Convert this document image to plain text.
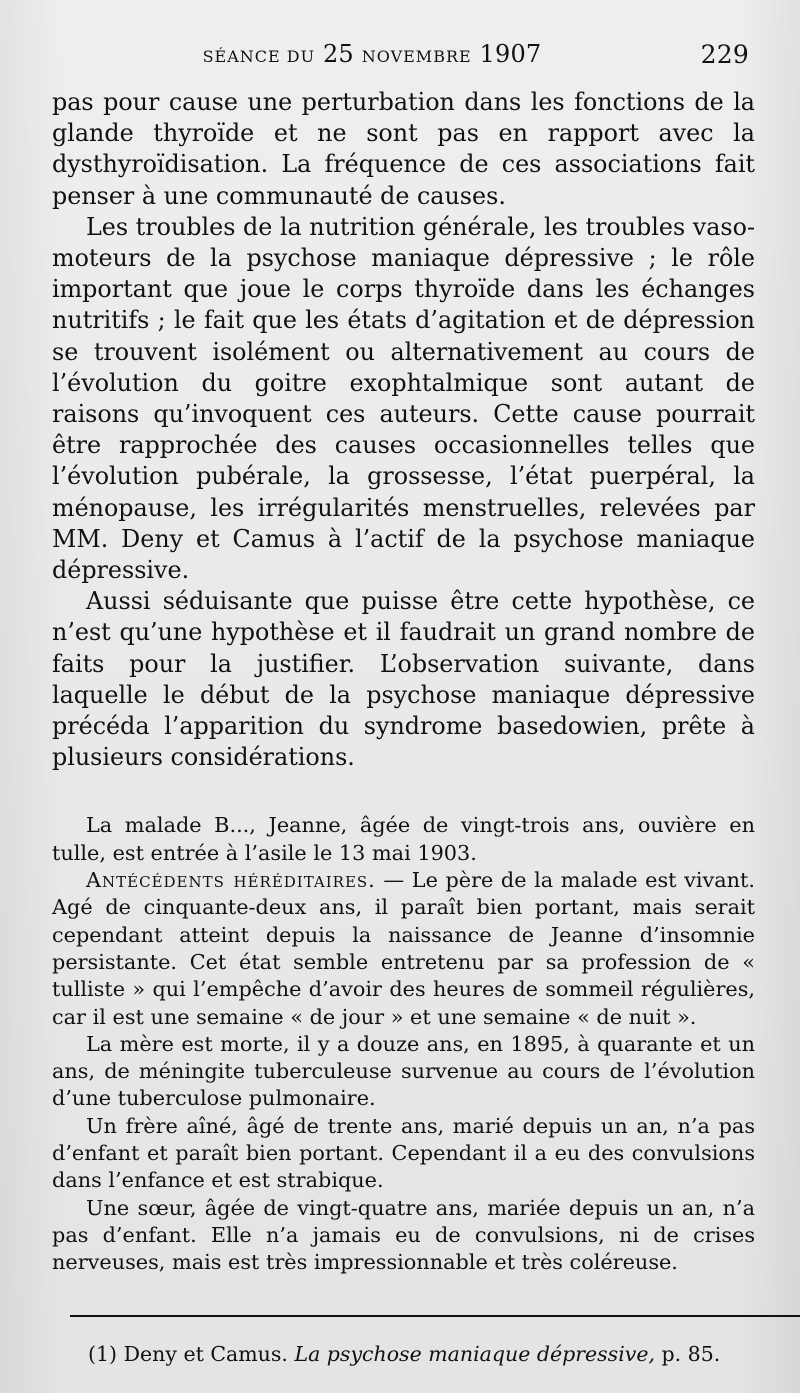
SÉANCE DU 25 NOVEMBRE 1907	229

pas pour cause une perturbation dans les fonctions de la glande thyroïde et ne sont pas en rapport avec la dysthyroïdisation. La fréquence de ces associations fait penser à une communauté de causes.

Les troubles de la nutrition générale, les troubles vaso-moteurs de la psychose maniaque dépressive ; le rôle important que joue le corps thyroïde dans les échanges nutritifs ; le fait que les états d’agitation et de dépression se trouvent isolément ou alternativement au cours de l’évolution du goitre exophtalmique sont autant de raisons qu’invoquent ces auteurs. Cette cause pourrait être rapprochée des causes occasionnelles telles que l’évolution pubérale, la grossesse, l’état puerpéral, la ménopause, les irrégularités menstruelles, relevées par MM. Deny et Camus à l’actif de la psychose maniaque dépressive.

Aussi séduisante que puisse être cette hypothèse, ce n’est qu’une hypothèse et il faudrait un grand nombre de faits pour la justifier. L’observation suivante, dans laquelle le début de la psychose maniaque dépressive précéda l’apparition du syndrome basedowien, prête à plusieurs considérations.

La malade B..., Jeanne, âgée de vingt-trois ans, ouvière en tulle, est entrée à l’asile le 13 mai 1903.

Antécédents héréditaires. — Le père de la malade est vivant. Agé de cinquante-deux ans, il paraît bien portant, mais serait cependant atteint depuis la naissance de Jeanne d’insomnie persistante. Cet état semble entretenu par sa profession de « tulliste » qui l’empêche d’avoir des heures de sommeil régulières, car il est une semaine « de jour » et une semaine « de nuit ».

La mère est morte, il y a douze ans, en 1895, à quarante et un ans, de méningite tuberculeuse survenue au cours de l’évolution d’une tuberculose pulmonaire.

Un frère aîné, âgé de trente ans, marié depuis un an, n’a pas d’enfant et paraît bien portant. Cependant il a eu des convulsions dans l’enfance et est strabique.

Une sœur, âgée de vingt-quatre ans, mariée depuis un an, n’a pas d’enfant. Elle n’a jamais eu de convulsions, ni de crises nerveuses, mais est très impressionnable et très coléreuse.

(1) Deny et Camus. La psychose maniaque dépressive, p. 85.
